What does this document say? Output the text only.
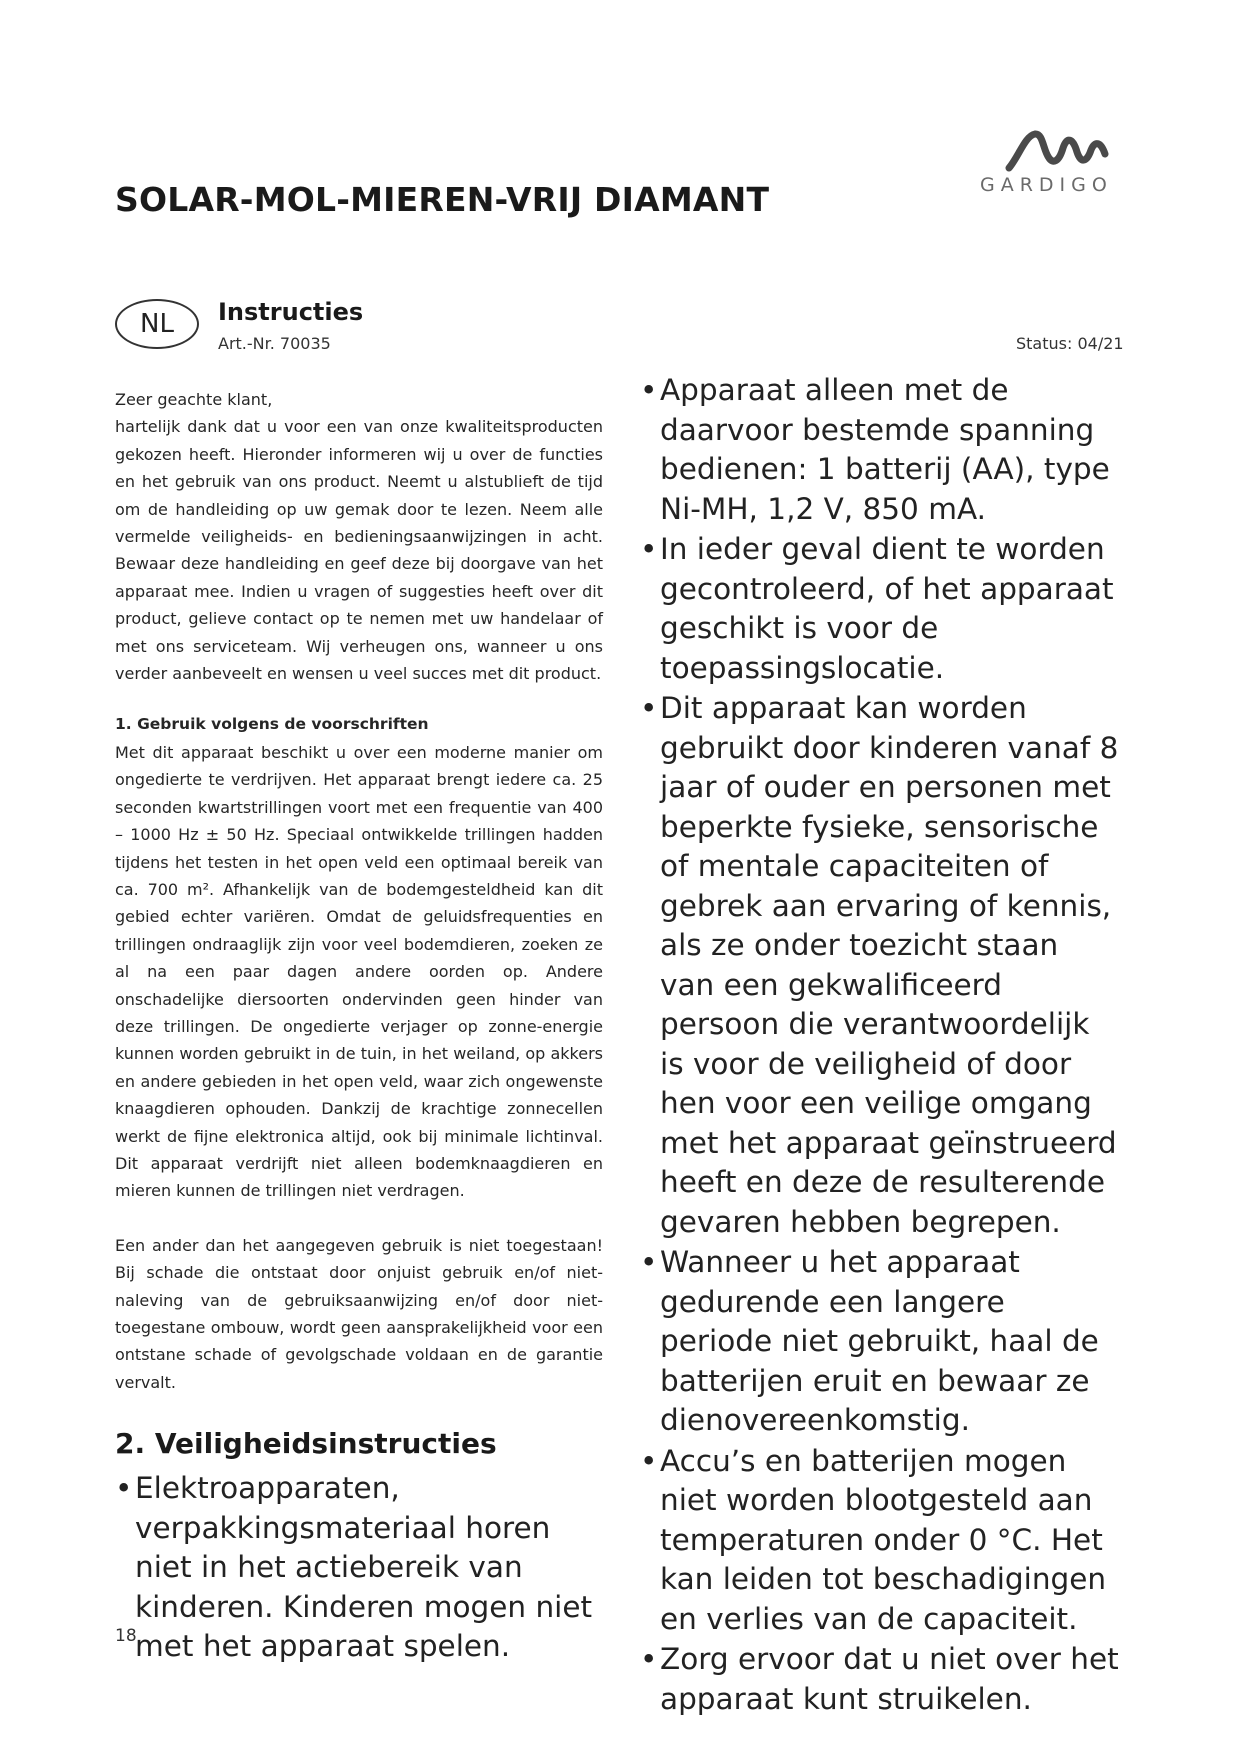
SOLAR-MOL-MIEREN-VRIJ DIAMANT	GARDIGO
NL	Instructies
Art.-Nr. 70035	Status: 04/21

Zeer geachte klant,

hartelijk dank dat u voor een van onze kwaliteitsproducten gekozen heeft. Hieronder informeren wij u over de functies en het gebruik van ons product. Neemt u alstublieft de tijd om de handleiding op uw gemak door te lezen. Neem alle vermelde veiligheids- en bedieningsaanwijzingen in acht. Bewaar deze handleiding en geef deze bij doorgave van het apparaat mee. Indien u vragen of suggesties heeft over dit product, gelieve contact op te nemen met uw handelaar of met ons serviceteam. Wij verheugen ons, wanneer u ons verder aanbeveelt en wensen u veel succes met dit product.

1. Gebruik volgens de voorschriften

Met dit apparaat beschikt u over een moderne manier om ongedierte te verdrijven. Het apparaat brengt iedere ca. 25 seconden kwartstrillingen voort met een frequentie van 400 – 1000 Hz ± 50 Hz. Speciaal ontwikkelde trillingen hadden tijdens het testen in het open veld een optimaal bereik van ca. 700 m². Afhankelijk van de bodemgesteldheid kan dit gebied echter variëren. Omdat de geluidsfrequenties en trillingen ondraaglijk zijn voor veel bodemdieren, zoeken ze al na een paar dagen andere oorden op. Andere onschadelijke diersoorten ondervinden geen hinder van deze trillingen. De ongedierte verjager op zonne-energie kunnen worden gebruikt in de tuin, in het weiland, op akkers en andere gebieden in het open veld, waar zich ongewenste knaagdieren ophouden. Dankzij de krachtige zonnecellen werkt de fijne elektronica altijd, ook bij minimale lichtinval. Dit apparaat verdrijft niet alleen bodemknaagdieren en mieren kunnen de trillingen niet verdragen.

Een ander dan het aangegeven gebruik is niet toegestaan! Bij schade die ontstaat door onjuist gebruik en/of niet-naleving van de gebruiksaanwijzing en/of door niet-toegestane ombouw, wordt geen aansprakelijkheid voor een ontstane schade of gevolgschade voldaan en de garantie vervalt.

2. Veiligheidsinstructies
• Elektroapparaten, verpakkingsmateriaal horen niet in het actiebereik van kinderen. Kinderen mogen niet met het apparaat spelen.
• Apparaat alleen met de daarvoor bestemde spanning bedienen: 1 batterij (AA), type Ni-MH, 1,2 V, 850 mA.
• In ieder geval dient te worden gecontroleerd, of het apparaat geschikt is voor de toepassingslocatie.
• Dit apparaat kan worden gebruikt door kinderen vanaf 8 jaar of ouder en personen met beperkte fysieke, sensorische of mentale capaciteiten of gebrek aan ervaring of kennis, als ze onder toezicht staan van een gekwalificeerd persoon die verantwoordelijk is voor de veiligheid of door hen voor een veilige omgang met het apparaat geïnstrueerd heeft en deze de resulterende gevaren hebben begrepen.
• Wanneer u het apparaat gedurende een langere periode niet gebruikt, haal de batterijen eruit en bewaar ze dienovereenkomstig.
• Accu’s en batterijen mogen niet worden blootgesteld aan temperaturen onder 0 °C. Het kan leiden tot beschadigingen en verlies van de capaciteit.
• Zorg ervoor dat u niet over het apparaat kunt struikelen.
18
